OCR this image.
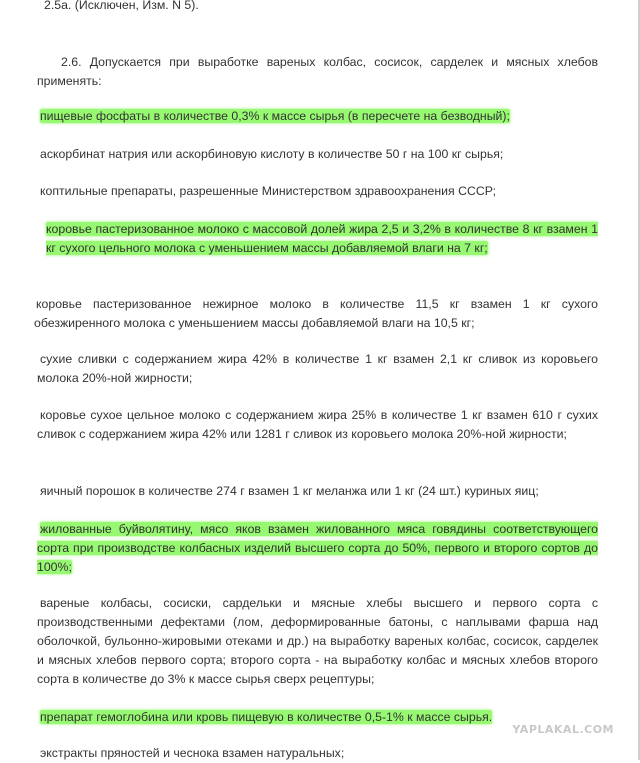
2.5а. (Исключен, Изм. N 5).

2.6. Допускается при выработке вареных колбас, сосисок, сарделек и мясных хлебов применять:

пищевые фосфаты в количестве 0,3% к массе сырья (в пересчете на безводный);

аскорбинат натрия или аскорбиновую кислоту в количестве 50 г на 100 кг сырья;

коптильные препараты, разрешенные Министерством здравоохранения СССР;

коровье пастеризованное молоко с массовой долей жира 2,5 и 3,2% в количестве 8 кг взамен 1 кг сухого цельного молока с уменьшением массы добавляемой влаги на 7 кг;

коровье пастеризованное нежирное молоко в количестве 11,5 кг взамен 1 кг сухого обезжиренного молока с уменьшением массы добавляемой влаги на 10,5 кг;

сухие сливки с содержанием жира 42% в количестве 1 кг взамен 2,1 кг сливок из коровьего молока 20%-ной жирности;

коровье сухое цельное молоко с содержанием жира 25% в количестве 1 кг взамен 610 г сухих сливок с содержанием жира 42% или 1281 г сливок из коровьего молока 20%-ной жирности;

яичный порошок в количестве 274 г взамен 1 кг меланжа или 1 кг (24 шт.) куриных яиц;

жилованные буйволятину, мясо яков взамен жилованного мяса говядины соответствующего сорта при производстве колбасных изделий высшего сорта до 50%, первого и второго сортов до 100%;

вареные колбасы, сосиски, сардельки и мясные хлебы высшего и первого сорта с производственными дефектами (лом, деформированные батоны, с наплывами фарша над оболочкой, бульонно-жировыми отеками и др.) на выработку вареных колбас, сосисок, сарделек и мясных хлебов первого сорта; второго сорта - на выработку колбас и мясных хлебов второго сорта в количестве до 3% к массе сырья сверх рецептуры;

препарат гемоглобина или кровь пищевую в количестве 0,5-1% к массе сырья.

экстракты пряностей и чеснока взамен натуральных;

YAPLAKAL.COM
